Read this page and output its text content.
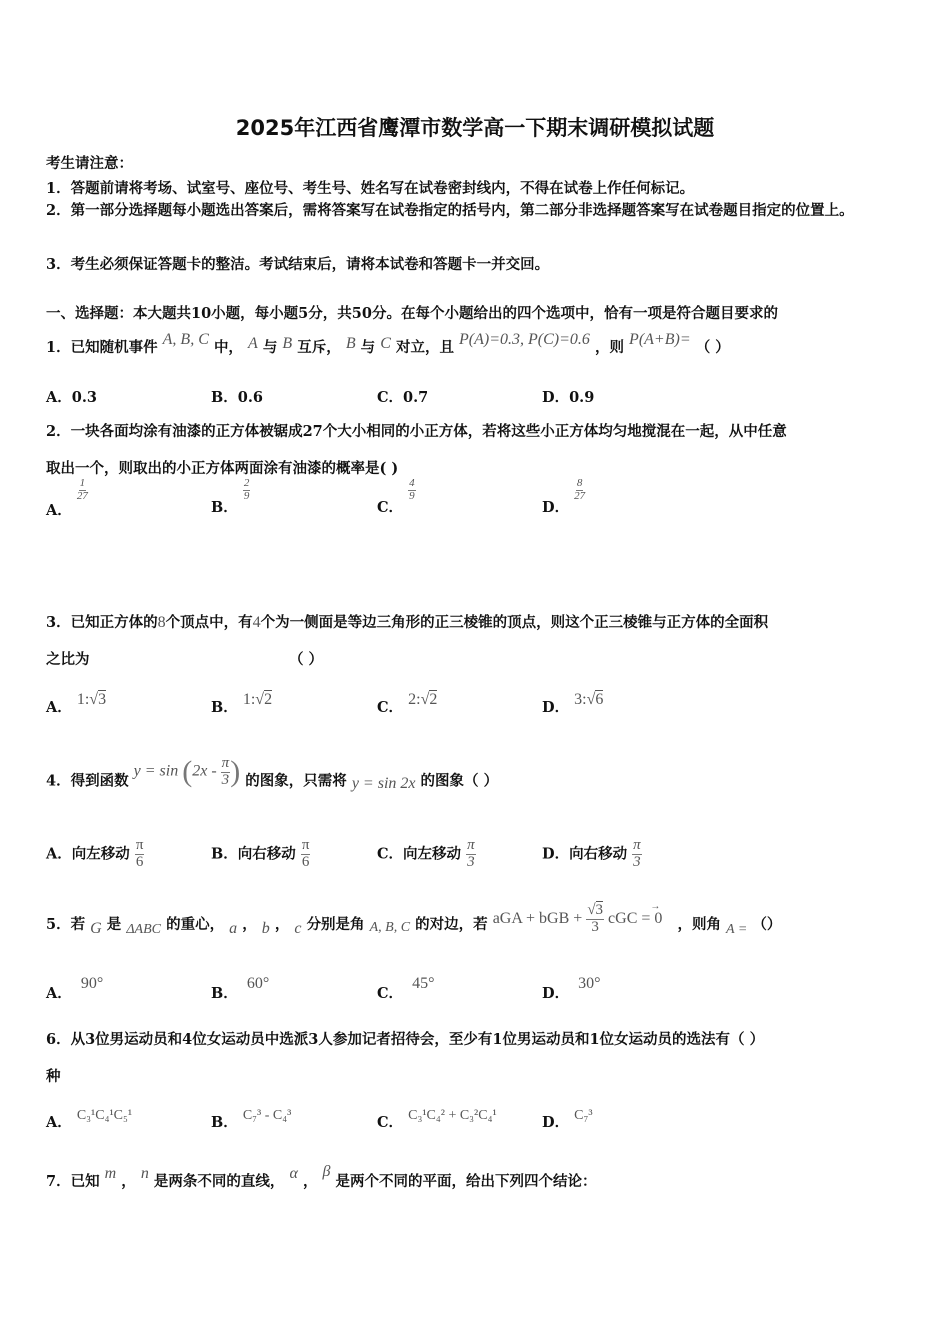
2025年江西省鹰潭市数学高一下期末调研模拟试题
考生请注意：
1．答题前请将考场、试室号、座位号、考生号、姓名写在试卷密封线内，不得在试卷上作任何标记。
2．第一部分选择题每小题选出答案后，需将答案写在试卷指定的括号内，第二部分非选择题答案写在试卷题目指定的位置上。
3．考生必须保证答题卡的整洁。考试结束后，请将本试卷和答题卡一并交回。
一、选择题：本大题共10小题，每小题5分，共50分。在每个小题给出的四个选项中，恰有一项是符合题目要求的
1．已知随机事件 A, B, C 中， A 与 B 互斥， B 与 C 对立，且 P(A)=0.3, P(C)=0.6 ，则 P(A+B)= （ ）
A．0.3	B．0.6	C．0.7	D．0.9
2．一块各面均涂有油漆的正方体被锯成27个大小相同的小正方体，若将这些小正方体均匀地搅混在一起，从中任意
取出一个，则取出的小正方体两面涂有油漆的概率是( )
A．
$\frac{1}{27}$
B．
$\frac{2}{9}$
C．
$\frac{4}{9}$
D．
$\frac{8}{27}$
3．已知正方体的8个顶点中，有4个为一侧面是等边三角形的正三棱锥的顶点，则这个正三棱锥与正方体的全面积
之比为	（ ）
A． 1:√3	B． 1:√2	C． 2:√2	D． 3:√6
4．得到函数 $y = \sin (2x - \frac{\pi}{3}$ ) 的图象，只需将 y = sin 2x 的图象（ ）
A．向左移动 $\frac{\pi}{6}$	B．向右移动 $\frac{\pi}{6}$	C．向左移动 $\frac{\pi}{3}$	D．向右移动 $\frac{\pi}{3}$
5．若 G 是 ΔABC 的重心， a ， b ， c 分别是角 A, B, C 的对边，若 aGA + bGB + $\frac{√3}{3}$ cGC = 0→ ，则角 A = （）
A． 90°
B． 60°
C． 45°
D． 30°
6．从3位男运动员和4位女运动员中选派3人参加记者招待会，至少有1位男运动员和1位女运动员的选法有（ ）
种
A． C₃¹C₄¹C₅¹	B． C₇³ - C₄³	C． C₃¹C₄² + C₃²C₄¹	D． C₇³
7．已知 m ， n 是两条不同的直线， α ， β 是两个不同的平面，给出下列四个结论：
